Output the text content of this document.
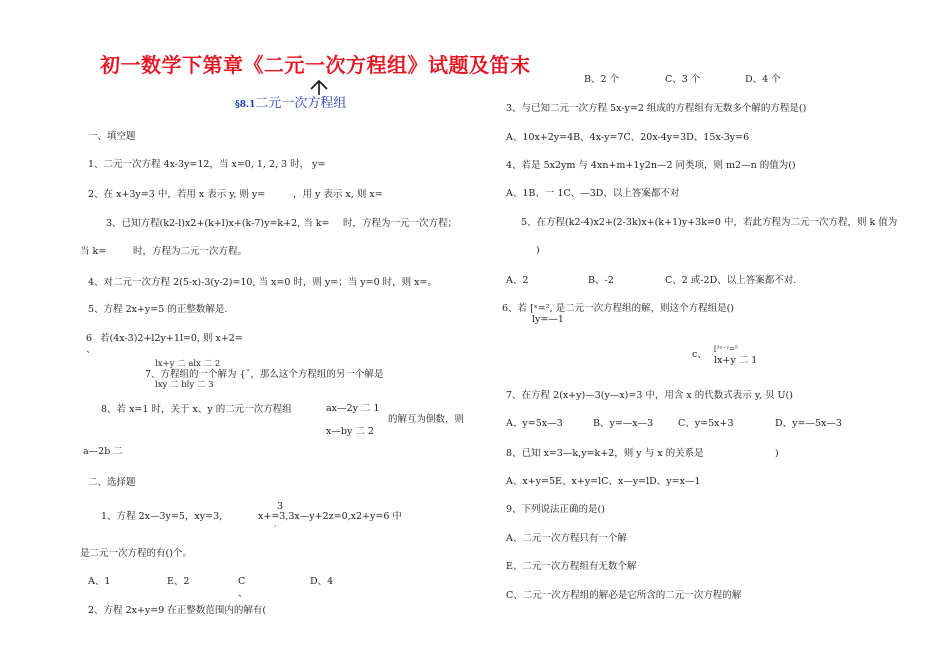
初一数学下第章《二元一次方程组》试题及笛末
§8.1二元一次方程组
一、填空题
1、二元一次方程 4x-3y=12，当 x=0, 1, 2, 3 时， y=
2、在 x+3y=3 中，若用 x 表示 y, 则 y=	，用 y 表示 x, 则 x=
3、已知方程(k2-l)x2+(k+l)x+(k-7)y=k+2, 当 k= 时，方程为一元一次方程；
当 k=	时，方程为二元一次方程。
4、对二元一次方程 2(5-x)-3(y-2)=10, 当 x=0 时，则 y=；当 y=0 时，则 x=。
5、方程 2x+y=5 的正整数解是.
6
、
若(4x-3)2+l2y+1l=0, 则 x+2=
lx+y 二 alx 二 2
7、方程组的一个解为 {ˇ，那么这个方程组的另一个解是
lxy 二 bly 二 3
8、若 x=1 时，关于 x、y 的二元一次方程组	ax—2y 二 1
的解互为倒数，则
x—by 二 2
a—2b 二
二、选择题
1、方程 2x—3y=5，xy=3,
3
x+=3,3x—y+2z=0,x2+y=6 中
、
是二元一次方程的有()个。
A、1	E、2	C
、
D、4
2、方程 2x+y=9 在正整数范围内的解有(
B、2 个	C、3 个	D、4 个
3、与已知二元一次方程 5x-y=2 组成的方程组有无数多个解的方程是()
A、10x+2y=4B、4x-y=7C、20x-4y=3D、15x-3y=6
4、若是 5x2ym 与 4xn+m+1y2n—2 同类项，则 m2—n 的值为()
A、1B、一 1C、—3D、以上答案都不对
5、在方程(k2-4)x2+(2-3k)x+(k+1)y+3k=0 中，若此方程为二元一次方程，则 k 值为
)
A、2	B、-2	C、2 或-2D、以上答案都不对.
6、若 [ˣ=², 是二元一次方程组的解，则这个方程组是()
ly=—1
c、 [²ˣ⁻ʸ=⁵
lx+y 二 1
7、在方程 2(x+y)—3(y—x)=3 中，用含 x 的代数式表示 y, 贝 U()
A、y=5x—3	B、y=—x—3	C、y=5x+3	D、y=—5x—3
8、已知 x=3—k,y=k+2，则 y 与 x 的关系是	)
A、x+y=5E、x+y=lC、x—y=lD、y=x—1
9、下列说法正确的是()
A、二元一次方程只有一个解
E、二元一次方程组有无数个解
C、二元一次方程组的解必是它所含的二元一次方程的解
